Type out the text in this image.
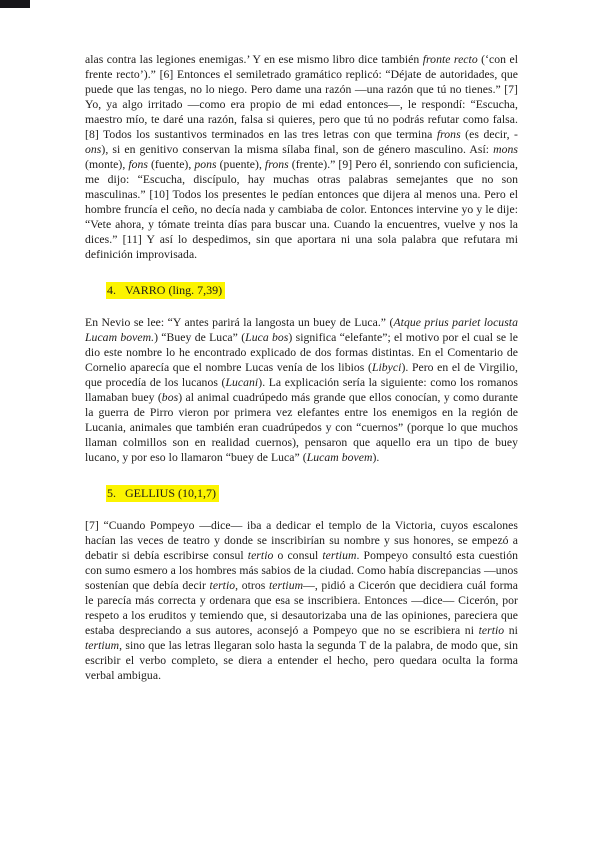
alas contra las legiones enemigas.’ Y en ese mismo libro dice también fronte recto (‘con el frente recto’).” [6] Entonces el semiletrado gramático replicó: “Déjate de autoridades, que puede que las tengas, no lo niego. Pero dame una razón —una razón que tú no tienes.” [7] Yo, ya algo irritado —como era propio de mi edad entonces—, le respondí: “Escucha, maestro mío, te daré una razón, falsa si quieres, pero que tú no podrás refutar como falsa. [8] Todos los sustantivos terminados en las tres letras con que termina frons (es decir, -ons), si en genitivo conservan la misma sílaba final, son de género masculino. Así: mons (monte), fons (fuente), pons (puente), frons (frente).” [9] Pero él, sonriendo con suficiencia, me dijo: “Escucha, discípulo, hay muchas otras palabras semejantes que no son masculinas.” [10] Todos los presentes le pedían entonces que dijera al menos una. Pero el hombre fruncía el ceño, no decía nada y cambiaba de color. Entonces intervine yo y le dije: “Vete ahora, y tómate treinta días para buscar una. Cuando la encuentres, vuelve y nos la dices.” [11] Y así lo despedimos, sin que aportara ni una sola palabra que refutara mi definición improvisada.

4. VARRO (ling. 7,39)

En Nevio se lee: “Y antes parirá la langosta un buey de Luca.” (Atque prius pariet locusta Lucam bovem.) “Buey de Luca” (Luca bos) significa “elefante”; el motivo por el cual se le dio este nombre lo he encontrado explicado de dos formas distintas. En el Comentario de Cornelio aparecía que el nombre Lucas venía de los libios (Libyci). Pero en el de Virgilio, que procedía de los lucanos (Lucani). La explicación sería la siguiente: como los romanos llamaban buey (bos) al animal cuadrúpedo más grande que ellos conocían, y como durante la guerra de Pirro vieron por primera vez elefantes entre los enemigos en la región de Lucania, animales que también eran cuadrúpedos y con “cuernos” (porque lo que muchos llaman colmillos son en realidad cuernos), pensaron que aquello era un tipo de buey lucano, y por eso lo llamaron “buey de Luca” (Lucam bovem).

5. GELLIUS (10,1,7)

[7] “Cuando Pompeyo —dice— iba a dedicar el templo de la Victoria, cuyos escalones hacían las veces de teatro y donde se inscribirían su nombre y sus honores, se empezó a debatir si debía escribirse consul tertio o consul tertium. Pompeyo consultó esta cuestión con sumo esmero a los hombres más sabios de la ciudad. Como había discrepancias —unos sostenían que debía decir tertio, otros tertium—, pidió a Cicerón que decidiera cuál forma le parecía más correcta y ordenara que esa se inscribiera. Entonces —dice— Cicerón, por respeto a los eruditos y temiendo que, si desautorizaba una de las opiniones, pareciera que estaba despreciando a sus autores, aconsejó a Pompeyo que no se escribiera ni tertio ni tertium, sino que las letras llegaran solo hasta la segunda T de la palabra, de modo que, sin escribir el verbo completo, se diera a entender el hecho, pero quedara oculta la forma verbal ambigua.
